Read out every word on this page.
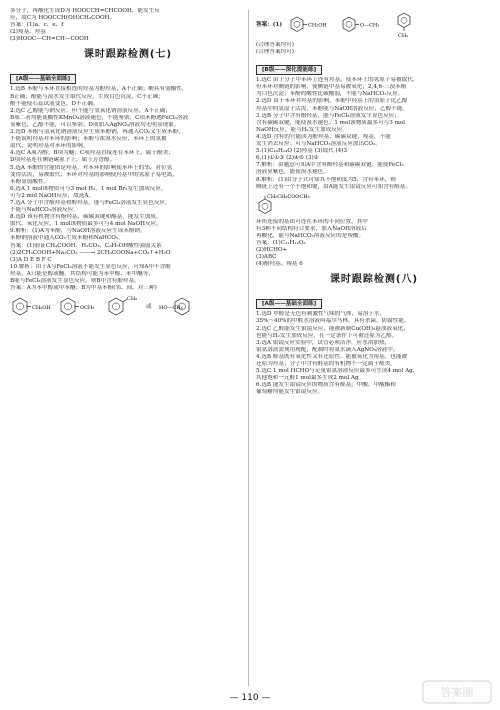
多分子，再酸化生成D为 HOOCCH=CHCOOH，能发生反

应，故C为 HOOCCH(OH)CH₂COOH。

答案：(1)a、c、e、f

(2)羧基、羟基

(3)HOOC—CH=CH—COOH

课时跟踪检测(七)
[A级——基础全面练]

1.选B 苯酚与苯环直接相连的羟基为酚羟基，A不正确；酚具有弱酸性，

B正确；酚能与溴水发生取代反应，生成白色沉淀，C不正确；

酚不能使石蕊试液变色，D不正确。

2.选C 乙醇能与钠反应，但不能与氢氧化钠溶液反应，A不正确；

B项二者均能使酸性KMnO₄溶液褪色，不能鉴别；C项苯酚遇FeCl₃溶液

显紫色，乙醇不能，可以鉴别；D项加入AgNO₃溶液均无明显现象。

3.选D 苯酚与氢氧化钠溶液反应生成苯酚钠，再通入CO₂又生成苯酚，

不能说明羟基对苯环的影响；苯酚与浓溴水反应，苯环上的氢被

取代，说明羟基对苯环的影响。

4.选C A项为醇；B项为醚；C项羟基直接连在苯环上，属于酚类；

D项羟基连在侧链碳原子上，属于芳香醇。

5.选A 苯酚的官能团是羟基，对苯环的影响使苯环上的邻、对位氢

变得活泼，易被取代；苯环对羟基的影响使羟基中的氢原子易电离，

苯酚显弱酸性。

6.选A 1 mol该物质可与3 mol H₂、1 mol Br₂发生加成反应，

可与2 mol NaOH反应，故选A。

7.选A 分子中含酚羟基和醇羟基，能与FeCl₃溶液发生显色反应，

不能与NaHCO₃溶液反应。

8.选D 该有机物含有酚羟基、碳碳双键和酯基，能发生加成、

取代、氧化反应，1 mol该物质最多可与4 mol NaOH反应。

9.解析：(1)A为苯酚，与NaOH溶液反应生成苯酚钠，

苯酚钠溶液中通入CO₂生成苯酚和NaHCO₃。

答案：(1)验证CH₃COOH、H₂CO₃、C₆H₅OH酸性强弱关系

(2)2CH₃COOH+Na₂CO₃ ——→ 2CH₃COONa+CO₂↑+H₂O

(3)A D E B F C

10.解析：由于A与FeCl₃溶液不能发生显色反应，可知A中不含酚

羟基，A只能是醇或醚，其结构可能为苯甲醇、苯甲醚等，

B能与FeCl₃溶液发生显色反应，则B中含有酚羟基。

答案：A为苯甲醇或甲苯醚；B为甲基苯酚(邻、间、对三种)

CH₂OH	OCH₃
CH₃
或 HO—CH₃
答案：(1)	CH₂OH	O—CH₃
CH₃

(合理答案均可)

(合理答案均可)

[B级——深化提能练]

1.选C 由于分子中苯环上连有羟基，使苯环上的氢原子易被取代，

但苯环对侧链的影响，使侧链甲基易被氧化；2,4,6-三溴苯酚

为白色沉淀；苯酚的酸性比碳酸弱，不能与NaHCO₃反应。

2.选D 由于苯环对羟基的影响，苯酚中羟基上的氢原子比乙醇

羟基中的氢原子活泼，苯酚能与NaOH溶液反应，乙醇不能。

3.选B 分子中含有酚羟基，能与FeCl₃溶液发生显色反应；

含有碳碳双键，能使溴水褪色；1 mol该物质最多可与3 mol

NaOH反应，能与H₂发生加成反应。

4.选D 含有的官能团为酚羟基、碳碳双键、羧基，不能

发生消去反应；可与NaHCO₃溶液反应放出CO₂。

5.(1)C₁₀H₁₄O (2)羟基 (3)取代 (4)3

6.(1)①①③ (2)④⑤ (3)②

7.解析：由题意可知A中含有酚羟基和碳碳双键，能使FeCl₃

溶液显紫色，能使溴水褪色。

8.解析：(1)由分子式可知其不饱和度为5，含有苯环，则

侧链上还有一个不饱和键，由A能发生银镜反应可知含有醛基。

CH₂CH₂COOCH₃

环所连接的基团可连在苯环的不同位置，其中

有3种不同结构符合要求，加入NaOH溶液后

再酸化，能与NaHCO₃溶液反应的是羧酸。

答案：(1)C₁₁H₁₂O₃

(2)HCHO+

(3)ABC

(4)酚羟基、羧基 6

课时跟踪检测(八)
[A级——基础全面练]

1.选D 甲醛是无色有刺激性气味的气体，易溶于水，

35%～40%的甲醛水溶液叫福尔马林，具有杀菌、防腐性能。

2.选C 乙醛能发生银镜反应，能被新制Cu(OH)₂悬浊液氧化，

也能与H₂发生加成反应，在一定条件下可被还原为乙醇。

3.选A 银镜反应实验中，试管必须洁净，应水浴加热，

银氨溶液需现用现配，配制时将氨水滴入AgNO₃溶液中。

4.选B 醛基既有氧化性又有还原性，能被氧化为羧基，也能被

还原为羟基；分子中含有醛基的有机物不一定属于醛类。

5.选C 1 mol HCHO与足量银氨溶液反应最多可生成4 mol Ag，

其他饱和一元醛1 mol最多生成2 mol Ag。

6.选B 能发生银镜反应的物质含有醛基，甲酸、甲酸酯和

葡萄糖均能发生银镜反应。

— 110 —	答案圈
